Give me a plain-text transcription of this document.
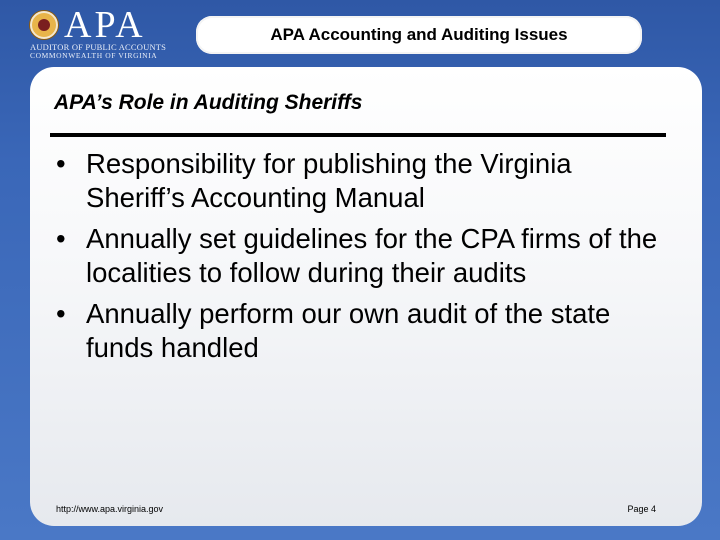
APA
AUDITOR OF PUBLIC ACCOUNTS
COMMONWEALTH OF VIRGINIA
APA Accounting and Auditing Issues
APA’s Role in Auditing Sheriffs
• Responsibility for publishing the Virginia Sheriff’s Accounting Manual
• Annually set guidelines for the CPA firms of the localities to follow during their audits
• Annually perform our own audit of the state funds handled
http://www.apa.virginia.gov	Page 4
